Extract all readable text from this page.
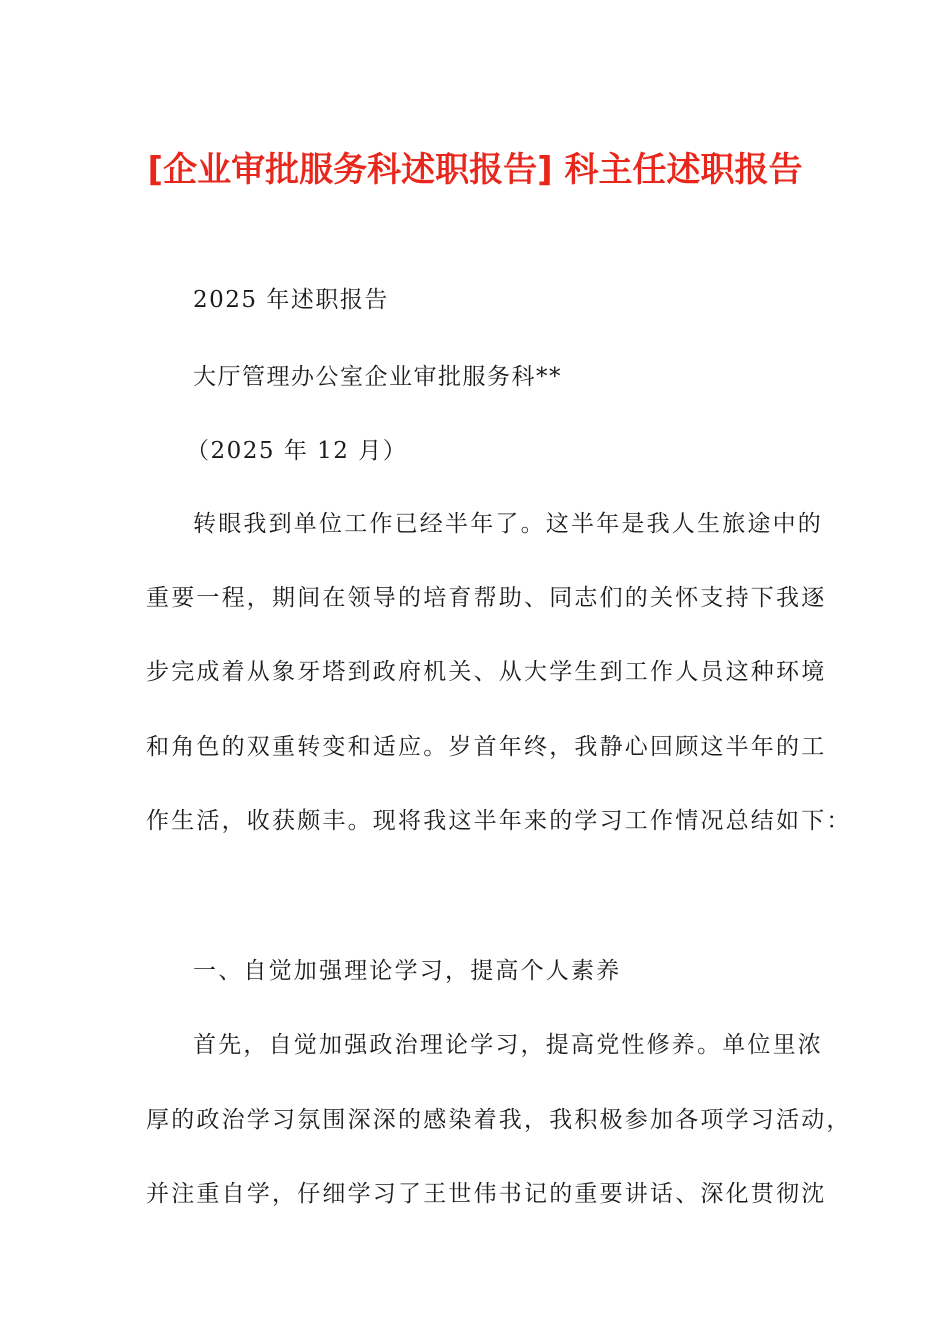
[企业审批服务科述职报告] 科主任述职报告
2025 年述职报告
大厅管理办公室企业审批服务科**
（2025 年 12 月）
转眼我到单位工作已经半年了。这半年是我人生旅途中的
重要一程，期间在领导的培育帮助、同志们的关怀支持下我逐
步完成着从象牙塔到政府机关、从大学生到工作人员这种环境
和角色的双重转变和适应。岁首年终，我静心回顾这半年的工
作生活，收获颇丰。现将我这半年来的学习工作情况总结如下：
一、自觉加强理论学习，提高个人素养
首先，自觉加强政治理论学习，提高党性修养。单位里浓
厚的政治学习氛围深深的感染着我，我积极参加各项学习活动，
并注重自学，仔细学习了王世伟书记的重要讲话、深化贯彻沈
